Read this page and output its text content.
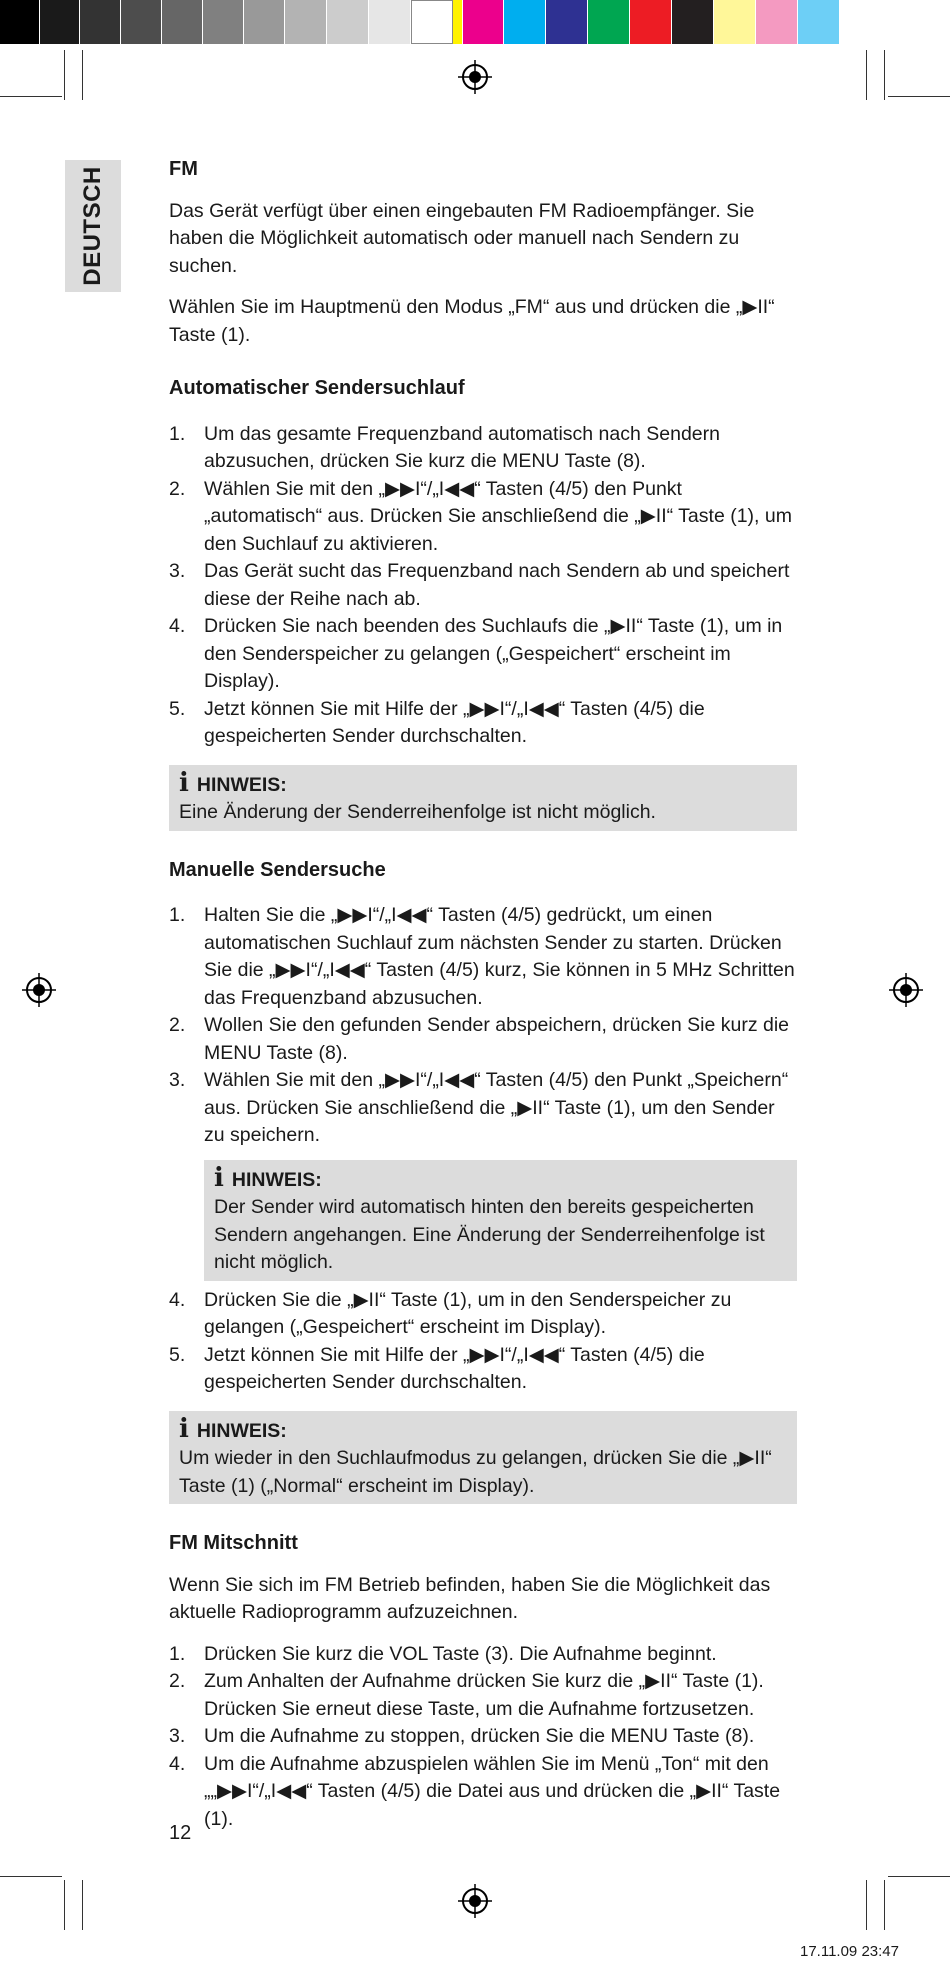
DEUTSCH	FM

Das Gerät verfügt über einen eingebauten FM Radioempfänger. Sie haben die Möglichkeit automatisch oder manuell nach Sendern zu suchen.

Wählen Sie im Hauptmenü den Modus „FM“ aus und drücken die „▶II“ Taste (1).

Automatischer Sendersuchlauf
1. Um das gesamte Frequenzband automatisch nach Sendern abzusuchen, drücken Sie kurz die MENU Taste (8).
2. Wählen Sie mit den „▶▶I“/„I◀◀“ Tasten (4/5) den Punkt „automatisch“ aus. Drücken Sie anschließend die „▶II“ Taste (1), um den Suchlauf zu aktivieren.
3. Das Gerät sucht das Frequenzband nach Sendern ab und speichert diese der Reihe nach ab.
4. Drücken Sie nach beenden des Suchlaufs die „▶II“ Taste (1), um in den Senderspeicher zu gelangen („Gespeichert“ erscheint im Display).
5. Jetzt können Sie mit Hilfe der „▶▶I“/„I◀◀“ Tasten (4/5) die gespeicherten Sender durchschalten.
i HINWEIS:
Eine Änderung der Senderreihenfolge ist nicht möglich.
Manuelle Sendersuche
1. Halten Sie die „▶▶I“/„I◀◀“ Tasten (4/5) gedrückt, um einen automatischen Suchlauf zum nächsten Sender zu starten. Drücken Sie die „▶▶I“/„I◀◀“ Tasten (4/5) kurz, Sie können in 5 MHz Schritten das Frequenzband abzusuchen.
2. Wollen Sie den gefunden Sender abspeichern, drücken Sie kurz die MENU Taste (8).
3. Wählen Sie mit den „▶▶I“/„I◀◀“ Tasten (4/5) den Punkt „Speichern“ aus. Drücken Sie anschließend die „▶II“ Taste (1), um den Sender zu speichern.
i HINWEIS:
Der Sender wird automatisch hinten den bereits gespeicherten Sendern angehangen. Eine Änderung der Senderreihenfolge ist nicht möglich.
4. Drücken Sie die „▶II“ Taste (1), um in den Senderspeicher zu gelangen („Gespeichert“ erscheint im Display).
5. Jetzt können Sie mit Hilfe der „▶▶I“/„I◀◀“ Tasten (4/5) die gespeicherten Sender durchschalten.
i HINWEIS:
Um wieder in den Suchlaufmodus zu gelangen, drücken Sie die „▶II“ Taste (1) („Normal“ erscheint im Display).
FM Mitschnitt

Wenn Sie sich im FM Betrieb befinden, haben Sie die Möglichkeit das aktuelle Radioprogramm aufzuzeichnen.

1. Drücken Sie kurz die VOL Taste (3). Die Aufnahme beginnt.
2. Zum Anhalten der Aufnahme drücken Sie kurz die „▶II“ Taste (1). Drücken Sie erneut diese Taste, um die Aufnahme fortzusetzen.
3. Um die Aufnahme zu stoppen, drücken Sie die MENU Taste (8).
4. Um die Aufnahme abzuspielen wählen Sie im Menü „Ton“ mit den „„▶▶I“/„I◀◀“ Tasten (4/5) die Datei aus und drücken die „▶II“ Taste (1).
12
17.11.09 23:47
